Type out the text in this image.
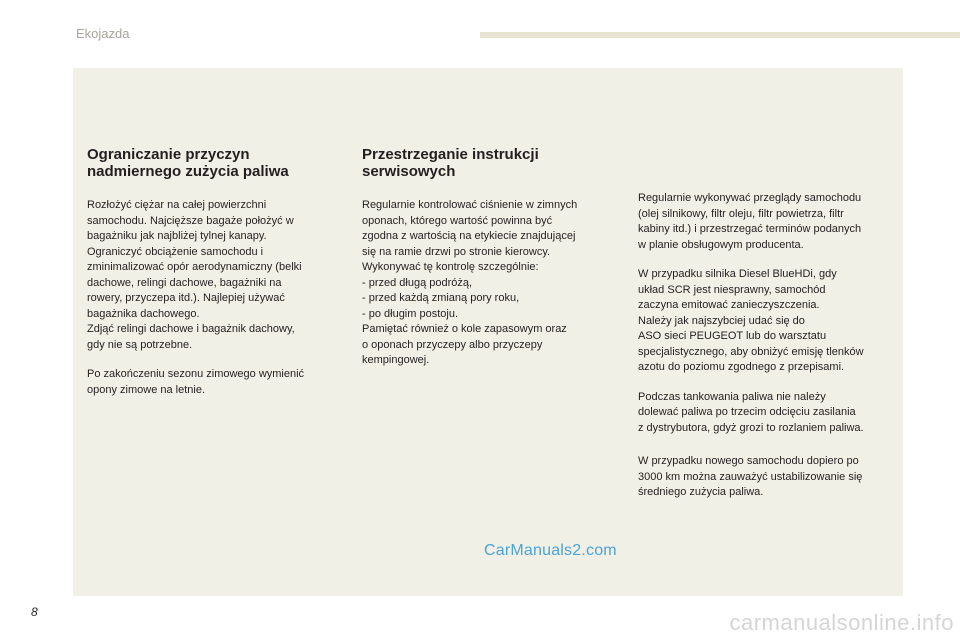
Ekojazda
Ograniczanie przyczyn
nadmiernego zużycia paliwa

Rozłożyć ciężar na całej powierzchni
samochodu. Najcięższe bagaże położyć w
bagażniku jak najbliżej tylnej kanapy.
Ograniczyć obciążenie samochodu i
zminimalizować opór aerodynamiczny (belki
dachowe, relingi dachowe, bagażniki na
rowery, przyczepa itd.). Najlepiej używać
bagażnika dachowego.
Zdjąć relingi dachowe i bagażnik dachowy,
gdy nie są potrzebne.

Po zakończeniu sezonu zimowego wymienić
opony zimowe na letnie.

Przestrzeganie instrukcji
serwisowych

Regularnie kontrolować ciśnienie w zimnych
oponach, którego wartość powinna być
zgodna z wartością na etykiecie znajdującej
się na ramie drzwi po stronie kierowcy.
Wykonywać tę kontrolę szczególnie:
- przed długą podróżą,
- przed każdą zmianą pory roku,
- po długim postoju.
Pamiętać również o kole zapasowym oraz
o oponach przyczepy albo przyczepy
kempingowej.

Regularnie wykonywać przeglądy samochodu
(olej silnikowy, filtr oleju, filtr powietrza, filtr
kabiny itd.) i przestrzegać terminów podanych
w planie obsługowym producenta.

W przypadku silnika Diesel BlueHDi, gdy
układ SCR jest niesprawny, samochód
zaczyna emitować zanieczyszczenia.
Należy jak najszybciej udać się do
ASO sieci PEUGEOT lub do warsztatu
specjalistycznego, aby obniżyć emisję tlenków
azotu do poziomu zgodnego z przepisami.

Podczas tankowania paliwa nie należy
dolewać paliwa po trzecim odcięciu zasilania
z dystrybutora, gdyż grozi to rozlaniem paliwa.

W przypadku nowego samochodu dopiero po
3000 km można zauważyć ustabilizowanie się
średniego zużycia paliwa.

CarManuals2.com
8	carmanualsonline.info
